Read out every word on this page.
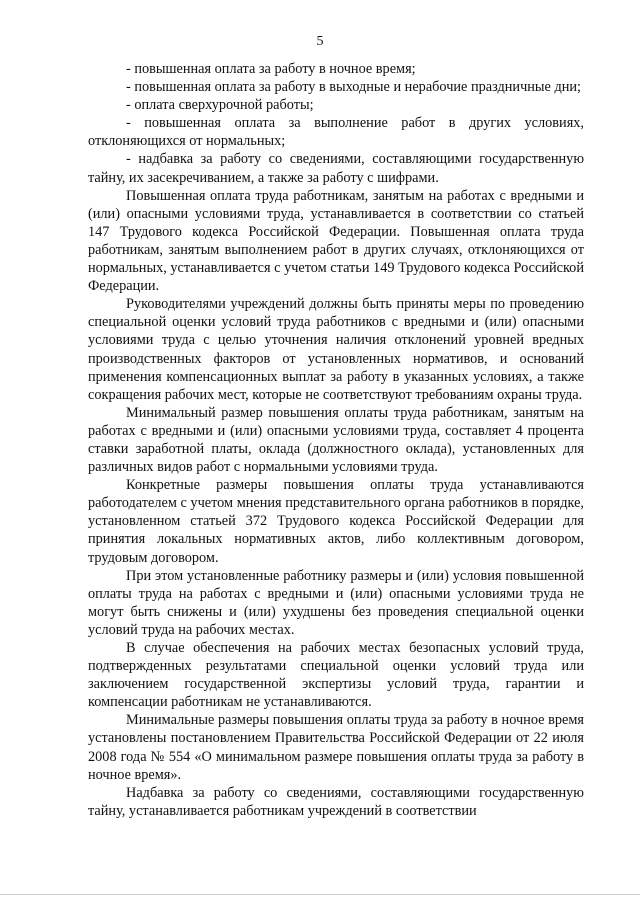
5

- повышенная оплата за работу в ночное время;

- повышенная оплата за работу в выходные и нерабочие праздничные дни;

- оплата сверхурочной работы;

- повышенная оплата за выполнение работ в других условиях, отклоняющихся от нормальных;

- надбавка за работу со сведениями, составляющими государственную тайну, их засекречиванием, а также за работу с шифрами.

Повышенная оплата труда работникам, занятым на работах с вредными и (или) опасными условиями труда, устанавливается в соответствии со статьей 147 Трудового кодекса Российской Федерации. Повышенная оплата труда работникам, занятым выполнением работ в других случаях, отклоняющихся от нормальных, устанавливается с учетом статьи 149 Трудового кодекса Российской Федерации.

Руководителями учреждений должны быть приняты меры по проведению специальной оценки условий труда работников с вредными и (или) опасными условиями труда с целью уточнения наличия отклонений уровней вредных производственных факторов от установленных нормативов, и оснований применения компенсационных выплат за работу в указанных условиях, а также сокращения рабочих мест, которые не соответствуют требованиям охраны труда.

Минимальный размер повышения оплаты труда работникам, занятым на работах с вредными и (или) опасными условиями труда, составляет 4 процента ставки заработной платы, оклада (должностного оклада), установленных для различных видов работ с нормальными условиями труда.

Конкретные размеры повышения оплаты труда устанавливаются работодателем с учетом мнения представительного органа работников в порядке, установленном статьей 372 Трудового кодекса Российской Федерации для принятия локальных нормативных актов, либо коллективным договором, трудовым договором.

При этом установленные работнику размеры и (или) условия повышенной оплаты труда на работах с вредными и (или) опасными условиями труда не могут быть снижены и (или) ухудшены без проведения специальной оценки условий труда на рабочих местах.

В случае обеспечения на рабочих местах безопасных условий труда, подтвержденных результатами специальной оценки условий труда или заключением государственной экспертизы условий труда, гарантии и компенсации работникам не устанавливаются.

Минимальные размеры повышения оплаты труда за работу в ночное время установлены постановлением Правительства Российской Федерации от 22 июля 2008 года № 554 «О минимальном размере повышения оплаты труда за работу в ночное время».

Надбавка за работу со сведениями, составляющими государственную тайну, устанавливается работникам учреждений в соответствии
